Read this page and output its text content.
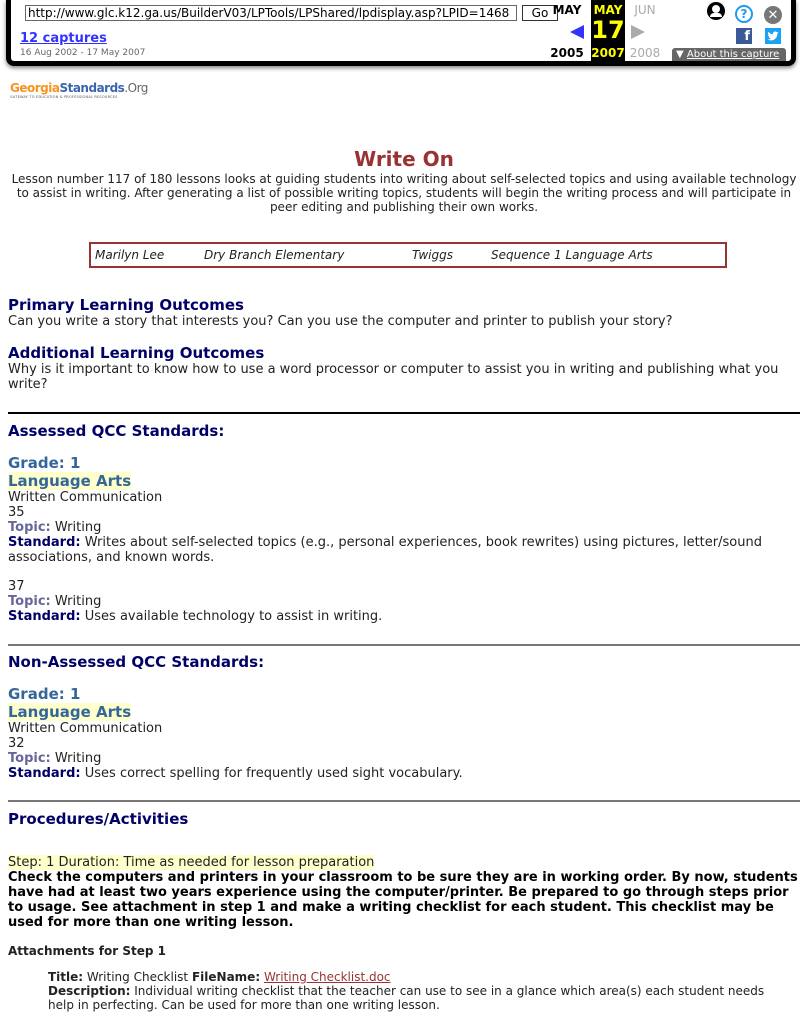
http://www.glc.k12.ga.us/BuilderV03/LPTools/LPShared/lpdisplay.asp?LPID=1468	Go
12 captures
16 Aug 2002 - 17 May 2007
MAY
2005
MAY
17
2007
JUN
2008
?	✕
f
▼ About this capture
GeorgiaStandards.Org
GATEWAY TO EDUCATION & PROFESSIONAL RESOURCES
Write On

Lesson number 117 of 180 lessons looks at guiding students into writing about self-selected topics and using available technology to assist in writing. After generating a list of possible writing topics, students will begin the writing process and will participate in peer editing and publishing their own works.

Marilyn Lee	Dry Branch Elementary	Twiggs	Sequence 1 Language Arts
Primary Learning Outcomes

Can you write a story that interests you? Can you use the computer and printer to publish your story?

Additional Learning Outcomes

Why is it important to know how to use a word processor or computer to assist you in writing and publishing what you write?

Assessed QCC Standards:
Grade: 1
Language Arts
Written Communication
35
Topic: Writing
Standard: Writes about self-selected topics (e.g., personal experiences, book rewrites) using pictures, letter/sound associations, and known words.
37
Topic: Writing
Standard: Uses available technology to assist in writing.
Non-Assessed QCC Standards:
Grade: 1
Language Arts
Written Communication
32
Topic: Writing
Standard: Uses correct spelling for frequently used sight vocabulary.
Procedures/Activities
Step: 1 Duration: Time as needed for lesson preparation
Check the computers and printers in your classroom to be sure they are in working order. By now, students have had at least two years experience using the computer/printer. Be prepared to go through steps prior to usage. See attachment in step 1 and make a writing checklist for each student. This checklist may be used for more than one writing lesson.
Attachments for Step 1
Title: Writing Checklist FileName: Writing Checklist.doc
Description: Individual writing checklist that the teacher can use to see in a glance which area(s) each student needs help in perfecting. Can be used for more than one writing lesson.
